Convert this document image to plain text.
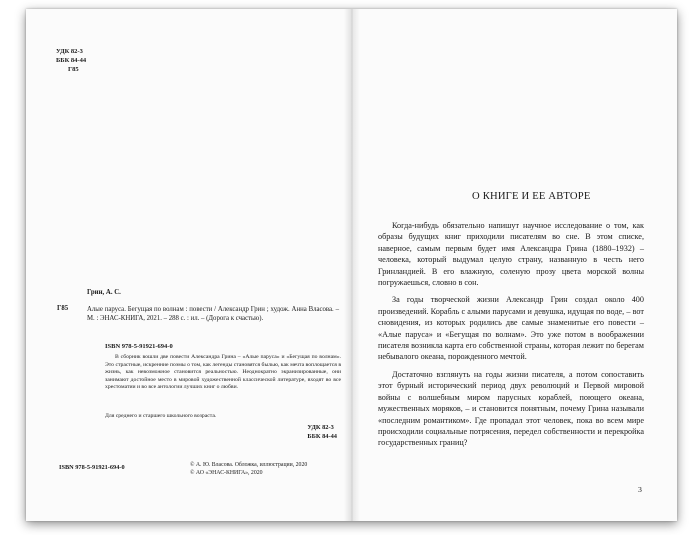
УДК 82-3
ББК 84-44
Г85
Грин, А. С.
Г85	Алые паруса. Бегущая по волнам : повести / Александр Грин ; худож. Анна Власова. – М. : ЭНАС-КНИГА, 2021. – 288 с. : ил. – (Дорога к счастью).
ISBN 978-5-91921-694-0
В сборник вошли две повести Александра Грина – «Алые паруса» и «Бегущая по волнам». Это страстные, искренние поэмы о том, как легенды становятся былью, как мечта воплощается в жизнь, как невозможное становится реальностью. Неоднократно экранизированные, они занимают достойное место в мировой художественной классической литературе, входят во все хрестоматии и во все антологии лучших книг о любви.
Для среднего и старшего школьного возраста.
УДК 82-3
ББК 84-44
ISBN 978-5-91921-694-0	© А. Ю. Власова. Обложка, иллюстрации, 2020
© АО «ЭНАС-КНИГА», 2020
О КНИГЕ И ЕЕ АВТОРЕ

Когда-нибудь обязательно напишут научное исследование о том, как образы будущих книг приходили писателям во сне. В этом списке, наверное, самым первым будет имя Александра Грина (1880–1932) – человека, который выдумал целую страну, названную в честь него Гринландией. В его влажную, соленую прозу цвета морской волны погружаешься, словно в сон.

За годы творческой жизни Александр Грин создал около 400 произведений. Корабль с алыми парусами и девушка, идущая по воде, – вот сновидения, из которых родились две самые знаменитые его повести – «Алые паруса» и «Бегущая по волнам». Это уже потом в воображении писателя возникла карта его собственной страны, которая лежит по берегам небывалого океана, порожденного мечтой.

Достаточно взглянуть на годы жизни писателя, а потом сопоставить этот бурный исторический период двух революций и Первой мировой войны с волшебным миром парусных кораблей, поющего океана, мужественных моряков, – и становится понятным, почему Грина называли «последним романтиком». Где пропадал этот человек, пока во всем мире происходили социальные потрясения, передел собственности и перекройка государственных границ?

3
